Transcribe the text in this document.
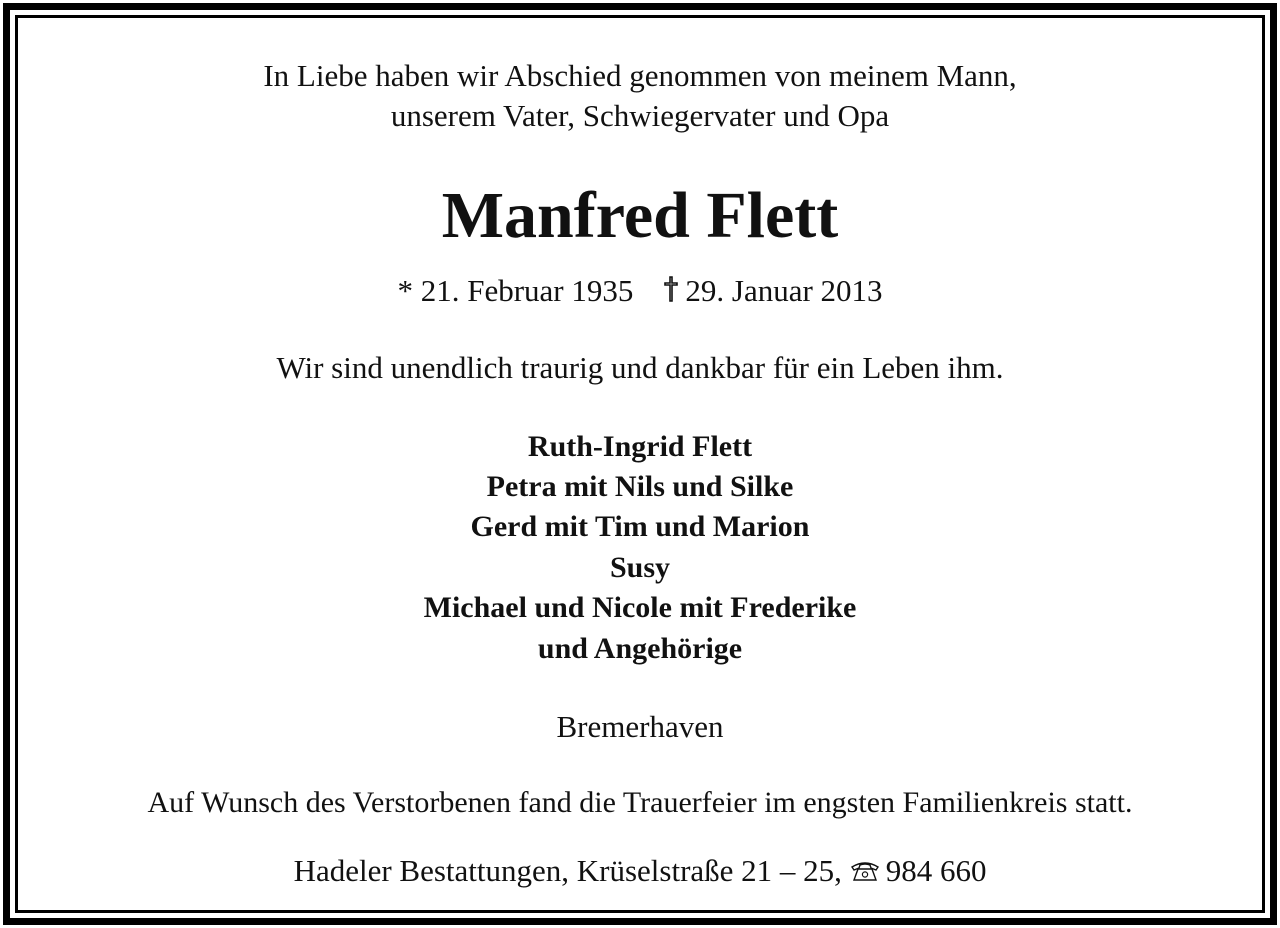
In Liebe haben wir Abschied genommen von meinem Mann,
unserem Vater, Schwiegervater und Opa
Manfred Flett
* 21. Februar 1935 29. Januar 2013
Wir sind unendlich traurig und dankbar für ein Leben ihm.
Ruth-Ingrid Flett
Petra mit Nils und Silke
Gerd mit Tim und Marion
Susy
Michael und Nicole mit Frederike
und Angehörige
Bremerhaven
Auf Wunsch des Verstorbenen fand die Trauerfeier im engsten Familienkreis statt.
Hadeler Bestattungen, Krüselstraße 21 – 25, 984 660
